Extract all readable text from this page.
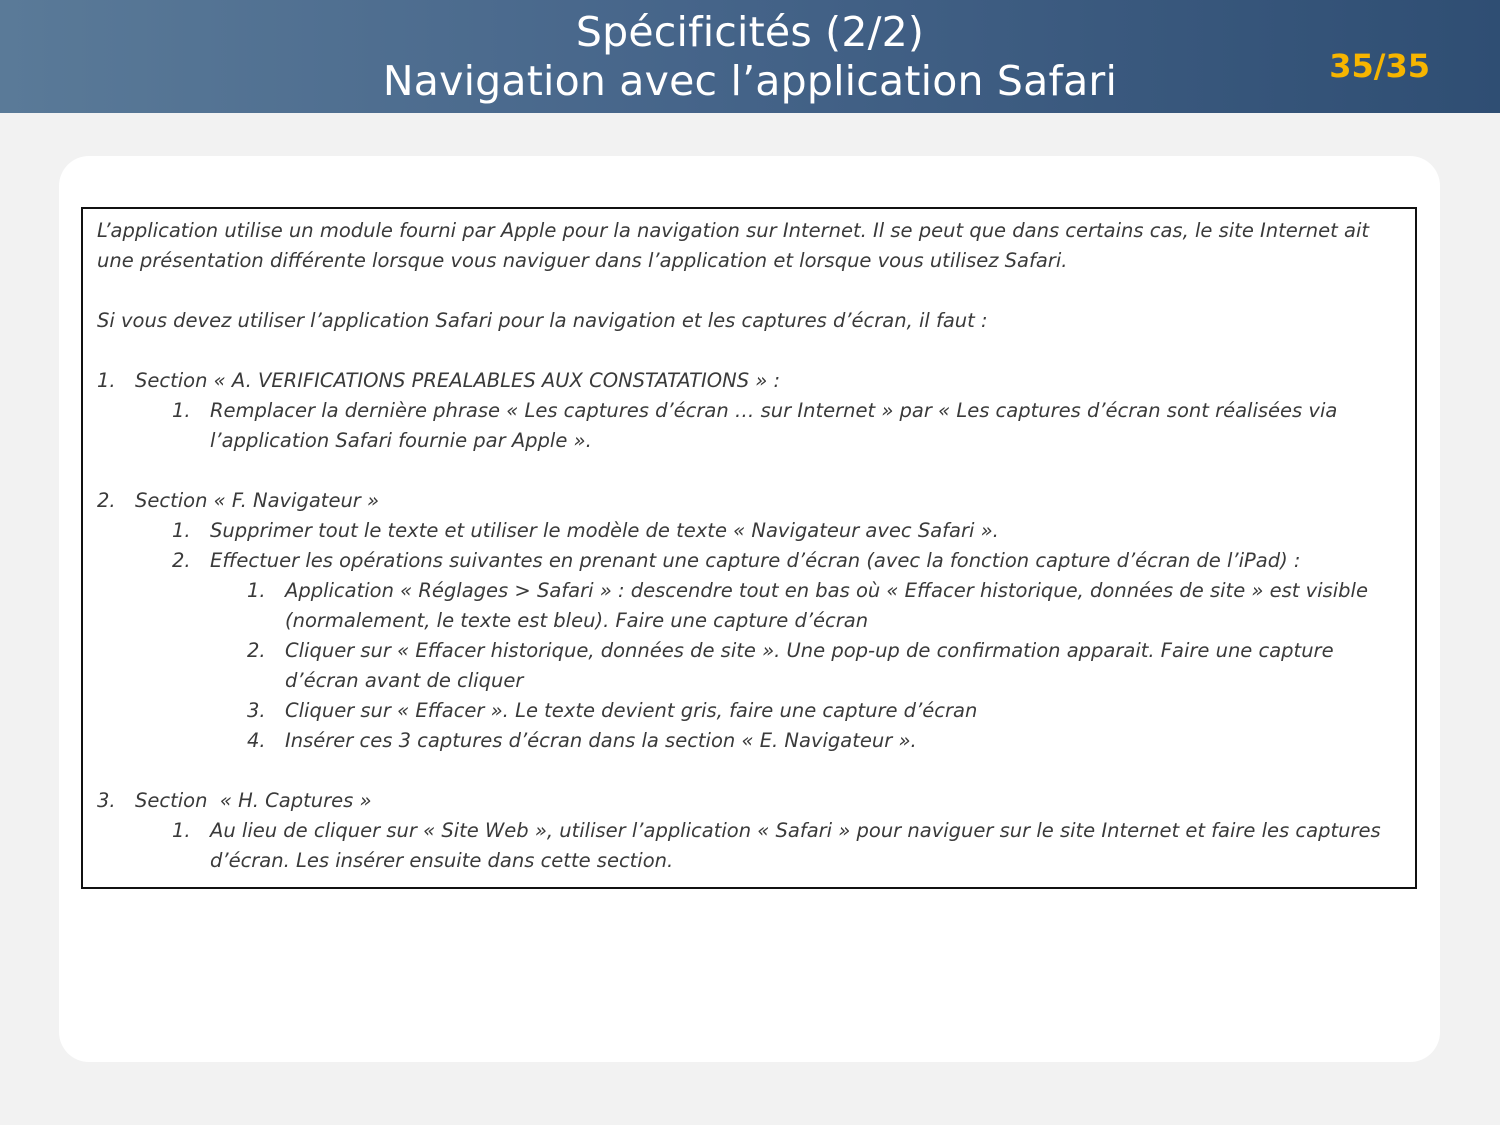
Spécificités (2/2)
Navigation avec l’application Safari	35/35

L’application utilise un module fourni par Apple pour la navigation sur Internet. Il se peut que dans certains cas, le site Internet ait

une présentation différente lorsque vous naviguer dans l’application et lorsque vous utilisez Safari.

Si vous devez utiliser l’application Safari pour la navigation et les captures d’écran, il faut :

1. Section « A. VERIFICATIONS PREALABLES AUX CONSTATATIONS » :
1. Remplacer la dernière phrase « Les captures d’écran … sur Internet » par « Les captures d’écran sont réalisées via
l’application Safari fournie par Apple ».
2. Section « F. Navigateur »
1. Supprimer tout le texte et utiliser le modèle de texte « Navigateur avec Safari ».
2. Effectuer les opérations suivantes en prenant une capture d’écran (avec la fonction capture d’écran de l’iPad) :
1. Application « Réglages > Safari » : descendre tout en bas où « Effacer historique, données de site » est visible
(normalement, le texte est bleu). Faire une capture d’écran
2. Cliquer sur « Effacer historique, données de site ». Une pop-up de confirmation apparait. Faire une capture
d’écran avant de cliquer
3. Cliquer sur « Effacer ». Le texte devient gris, faire une capture d’écran
4. Insérer ces 3 captures d’écran dans la section « E. Navigateur ».
3. Section  « H. Captures »
1. Au lieu de cliquer sur « Site Web », utiliser l’application « Safari » pour naviguer sur le site Internet et faire les captures
d’écran. Les insérer ensuite dans cette section.
